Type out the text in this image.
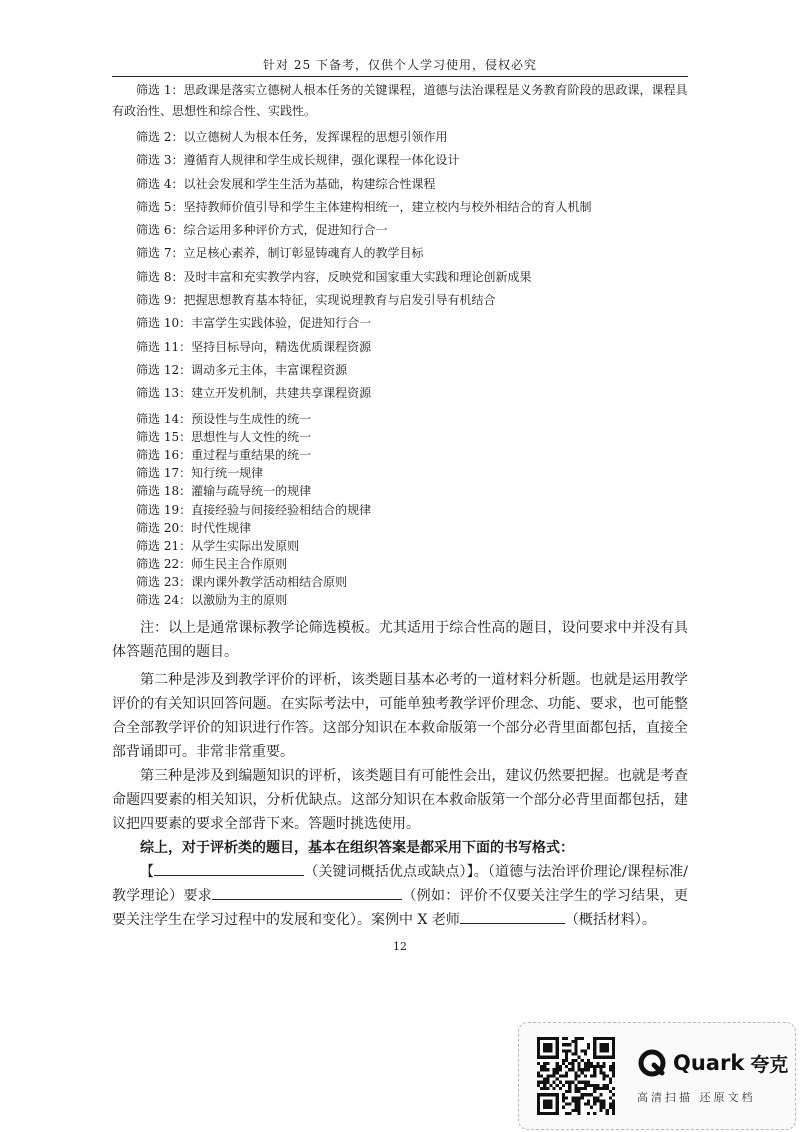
针对 25 下备考，仅供个人学习使用，侵权必究

筛选 1：思政课是落实立德树人根本任务的关键课程，道德与法治课程是义务教育阶段的思政课，课程具有政治性、思想性和综合性、实践性。

筛选 2：以立德树人为根本任务，发挥课程的思想引领作用
筛选 3：遵循育人规律和学生成长规律，强化课程一体化设计
筛选 4：以社会发展和学生生活为基础，构建综合性课程
筛选 5：坚持教师价值引导和学生主体建构相统一，建立校内与校外相结合的育人机制
筛选 6：综合运用多种评价方式，促进知行合一
筛选 7：立足核心素养，制订彰显铸魂育人的教学目标
筛选 8：及时丰富和充实教学内容，反映党和国家重大实践和理论创新成果
筛选 9：把握思想教育基本特征，实现说理教育与启发引导有机结合
筛选 10：丰富学生实践体验，促进知行合一
筛选 11：坚持目标导向，精选优质课程资源
筛选 12：调动多元主体，丰富课程资源
筛选 13：建立开发机制，共建共享课程资源
筛选 14：预设性与生成性的统一
筛选 15：思想性与人文性的统一
筛选 16：重过程与重结果的统一
筛选 17：知行统一规律
筛选 18：灌输与疏导统一的规律
筛选 19：直接经验与间接经验相结合的规律
筛选 20：时代性规律
筛选 21：从学生实际出发原则
筛选 22：师生民主合作原则
筛选 23：课内课外教学活动相结合原则
筛选 24：以激励为主的原则

注：以上是通常课标教学论筛选模板。尤其适用于综合性高的题目，设问要求中并没有具体答题范围的题目。

第二种是涉及到教学评价的评析，该类题目基本必考的一道材料分析题。也就是运用教学评价的有关知识回答问题。在实际考法中，可能单独考教学评价理念、功能、要求，也可能整合全部教学评价的知识进行作答。这部分知识在本救命版第一个部分必背里面都包括，直接全部背诵即可。非常非常重要。

第三种是涉及到编题知识的评析，该类题目有可能性会出，建议仍然要把握。也就是考查命题四要素的相关知识，分析优缺点。这部分知识在本救命版第一个部分必背里面都包括，建议把四要素的要求全部背下来。答题时挑选使用。

综上，对于评析类的题目，基本在组织答案是都采用下面的书写格式：

【	（关键词概括优点或缺点）】。（道德与法治评价理论/课程标准/教学理论）要求	（例如：评价不仅要关注学生的学习结果，更要关注学生在学习过程中的发展和变化）。案例中 X 老师	（概括材料）。

12
Quark 夸克
高清扫描 还原文档
